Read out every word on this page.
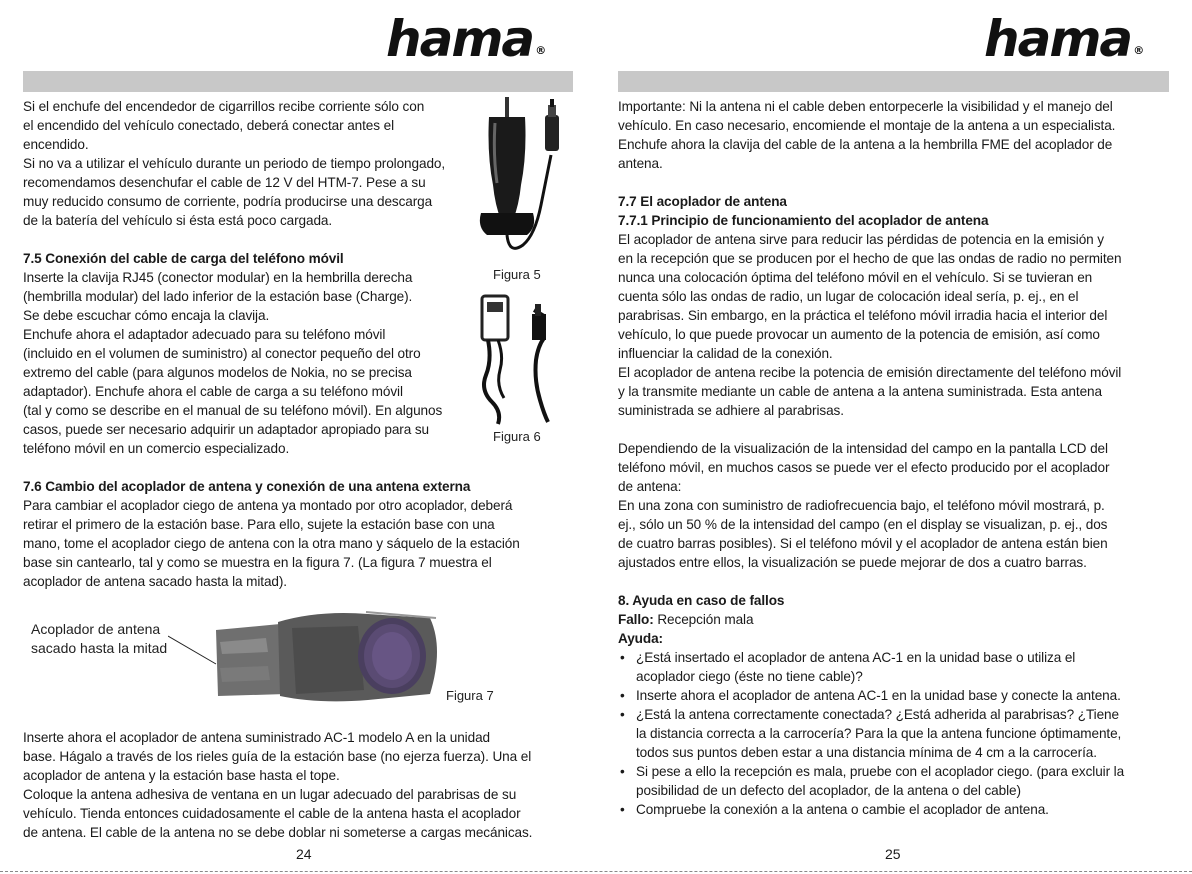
hama ®
Si el enchufe del encendedor de cigarrillos recibe corriente sólo con
el encendido del vehículo conectado, deberá conectar antes el
encendido.
Si no va a utilizar el vehículo durante un periodo de tiempo prolongado,
recomendamos desenchufar el cable de 12 V del HTM-7. Pese a su
muy reducido consumo de corriente, podría producirse una descarga
de la batería del vehículo si ésta está poco cargada.
7.5 Conexión del cable de carga del teléfono móvil
Inserte la clavija RJ45 (conector modular) en la hembrilla derecha
(hembrilla modular) del lado inferior de la estación base (Charge).
Se debe escuchar cómo encaja la clavija.
Enchufe ahora el adaptador adecuado para su teléfono móvil
(incluido en el volumen de suministro) al conector pequeño del otro
extremo del cable (para algunos modelos de Nokia, no se precisa
adaptador). Enchufe ahora el cable de carga a su teléfono móvil
(tal y como se describe en el manual de su teléfono móvil). En algunos
casos, puede ser necesario adquirir un adaptador apropiado para su
teléfono móvil en un comercio especializado.
7.6 Cambio del acoplador de antena y conexión de una antena externa
Para cambiar el acoplador ciego de antena ya montado por otro acoplador, deberá
retirar el primero de la estación base. Para ello, sujete la estación base con una
mano, tome el acoplador ciego de antena con la otra mano y sáquelo de la estación
base sin cantearlo, tal y como se muestra en la figura 7. (La figura 7 muestra el
acoplador de antena sacado hasta la mitad).
Figura 5
Figura 6
Acoplador de antena
sacado hasta la mitad
Figura 7
Inserte ahora el acoplador de antena suministrado AC-1 modelo A en la unidad
base. Hágalo a través de los rieles guía de la estación base (no ejerza fuerza). Una el
acoplador de antena y la estación base hasta el tope.
Coloque la antena adhesiva de ventana en un lugar adecuado del parabrisas de su
vehículo. Tienda entonces cuidadosamente el cable de la antena hasta el acoplador
de antena. El cable de la antena no se debe doblar ni someterse a cargas mecánicas.
24
hama ®
Importante: Ni la antena ni el cable deben entorpecerle la visibilidad y el manejo del
vehículo. En caso necesario, encomiende el montaje de la antena a un especialista.
Enchufe ahora la clavija del cable de la antena a la hembrilla FME del acoplador de
antena.
7.7 El acoplador de antena
7.7.1 Principio de funcionamiento del acoplador de antena
El acoplador de antena sirve para reducir las pérdidas de potencia en la emisión y
en la recepción que se producen por el hecho de que las ondas de radio no permiten
nunca una colocación óptima del teléfono móvil en el vehículo. Si se tuvieran en
cuenta sólo las ondas de radio, un lugar de colocación ideal sería, p. ej., en el
parabrisas. Sin embargo, en la práctica el teléfono móvil irradia hacia el interior del
vehículo, lo que puede provocar un aumento de la potencia de emisión, así como
influenciar la calidad de la conexión.
El acoplador de antena recibe la potencia de emisión directamente del teléfono móvil
y la transmite mediante un cable de antena a la antena suministrada. Esta antena
suministrada se adhiere al parabrisas.
Dependiendo de la visualización de la intensidad del campo en la pantalla LCD del
teléfono móvil, en muchos casos se puede ver el efecto producido por el acoplador
de antena:
En una zona con suministro de radiofrecuencia bajo, el teléfono móvil mostrará, p.
ej., sólo un 50 % de la intensidad del campo (en el display se visualizan, p. ej., dos
de cuatro barras posibles). Si el teléfono móvil y el acoplador de antena están bien
ajustados entre ellos, la visualización se puede mejorar de dos a cuatro barras.
8. Ayuda en caso de fallos
Fallo: Recepción mala
Ayuda:
• ¿Está insertado el acoplador de antena AC-1 en la unidad base o utiliza el
acoplador ciego (éste no tiene cable)?
• Inserte ahora el acoplador de antena AC-1 en la unidad base y conecte la antena.
• ¿Está la antena correctamente conectada? ¿Está adherida al parabrisas? ¿Tiene
la distancia correcta a la carrocería? Para la que la antena funcione óptimamente,
todos sus puntos deben estar a una distancia mínima de 4 cm a la carrocería.
• Si pese a ello la recepción es mala, pruebe con el acoplador ciego. (para excluir la
posibilidad de un defecto del acoplador, de la antena o del cable)
• Compruebe la conexión a la antena o cambie el acoplador de antena.
25
